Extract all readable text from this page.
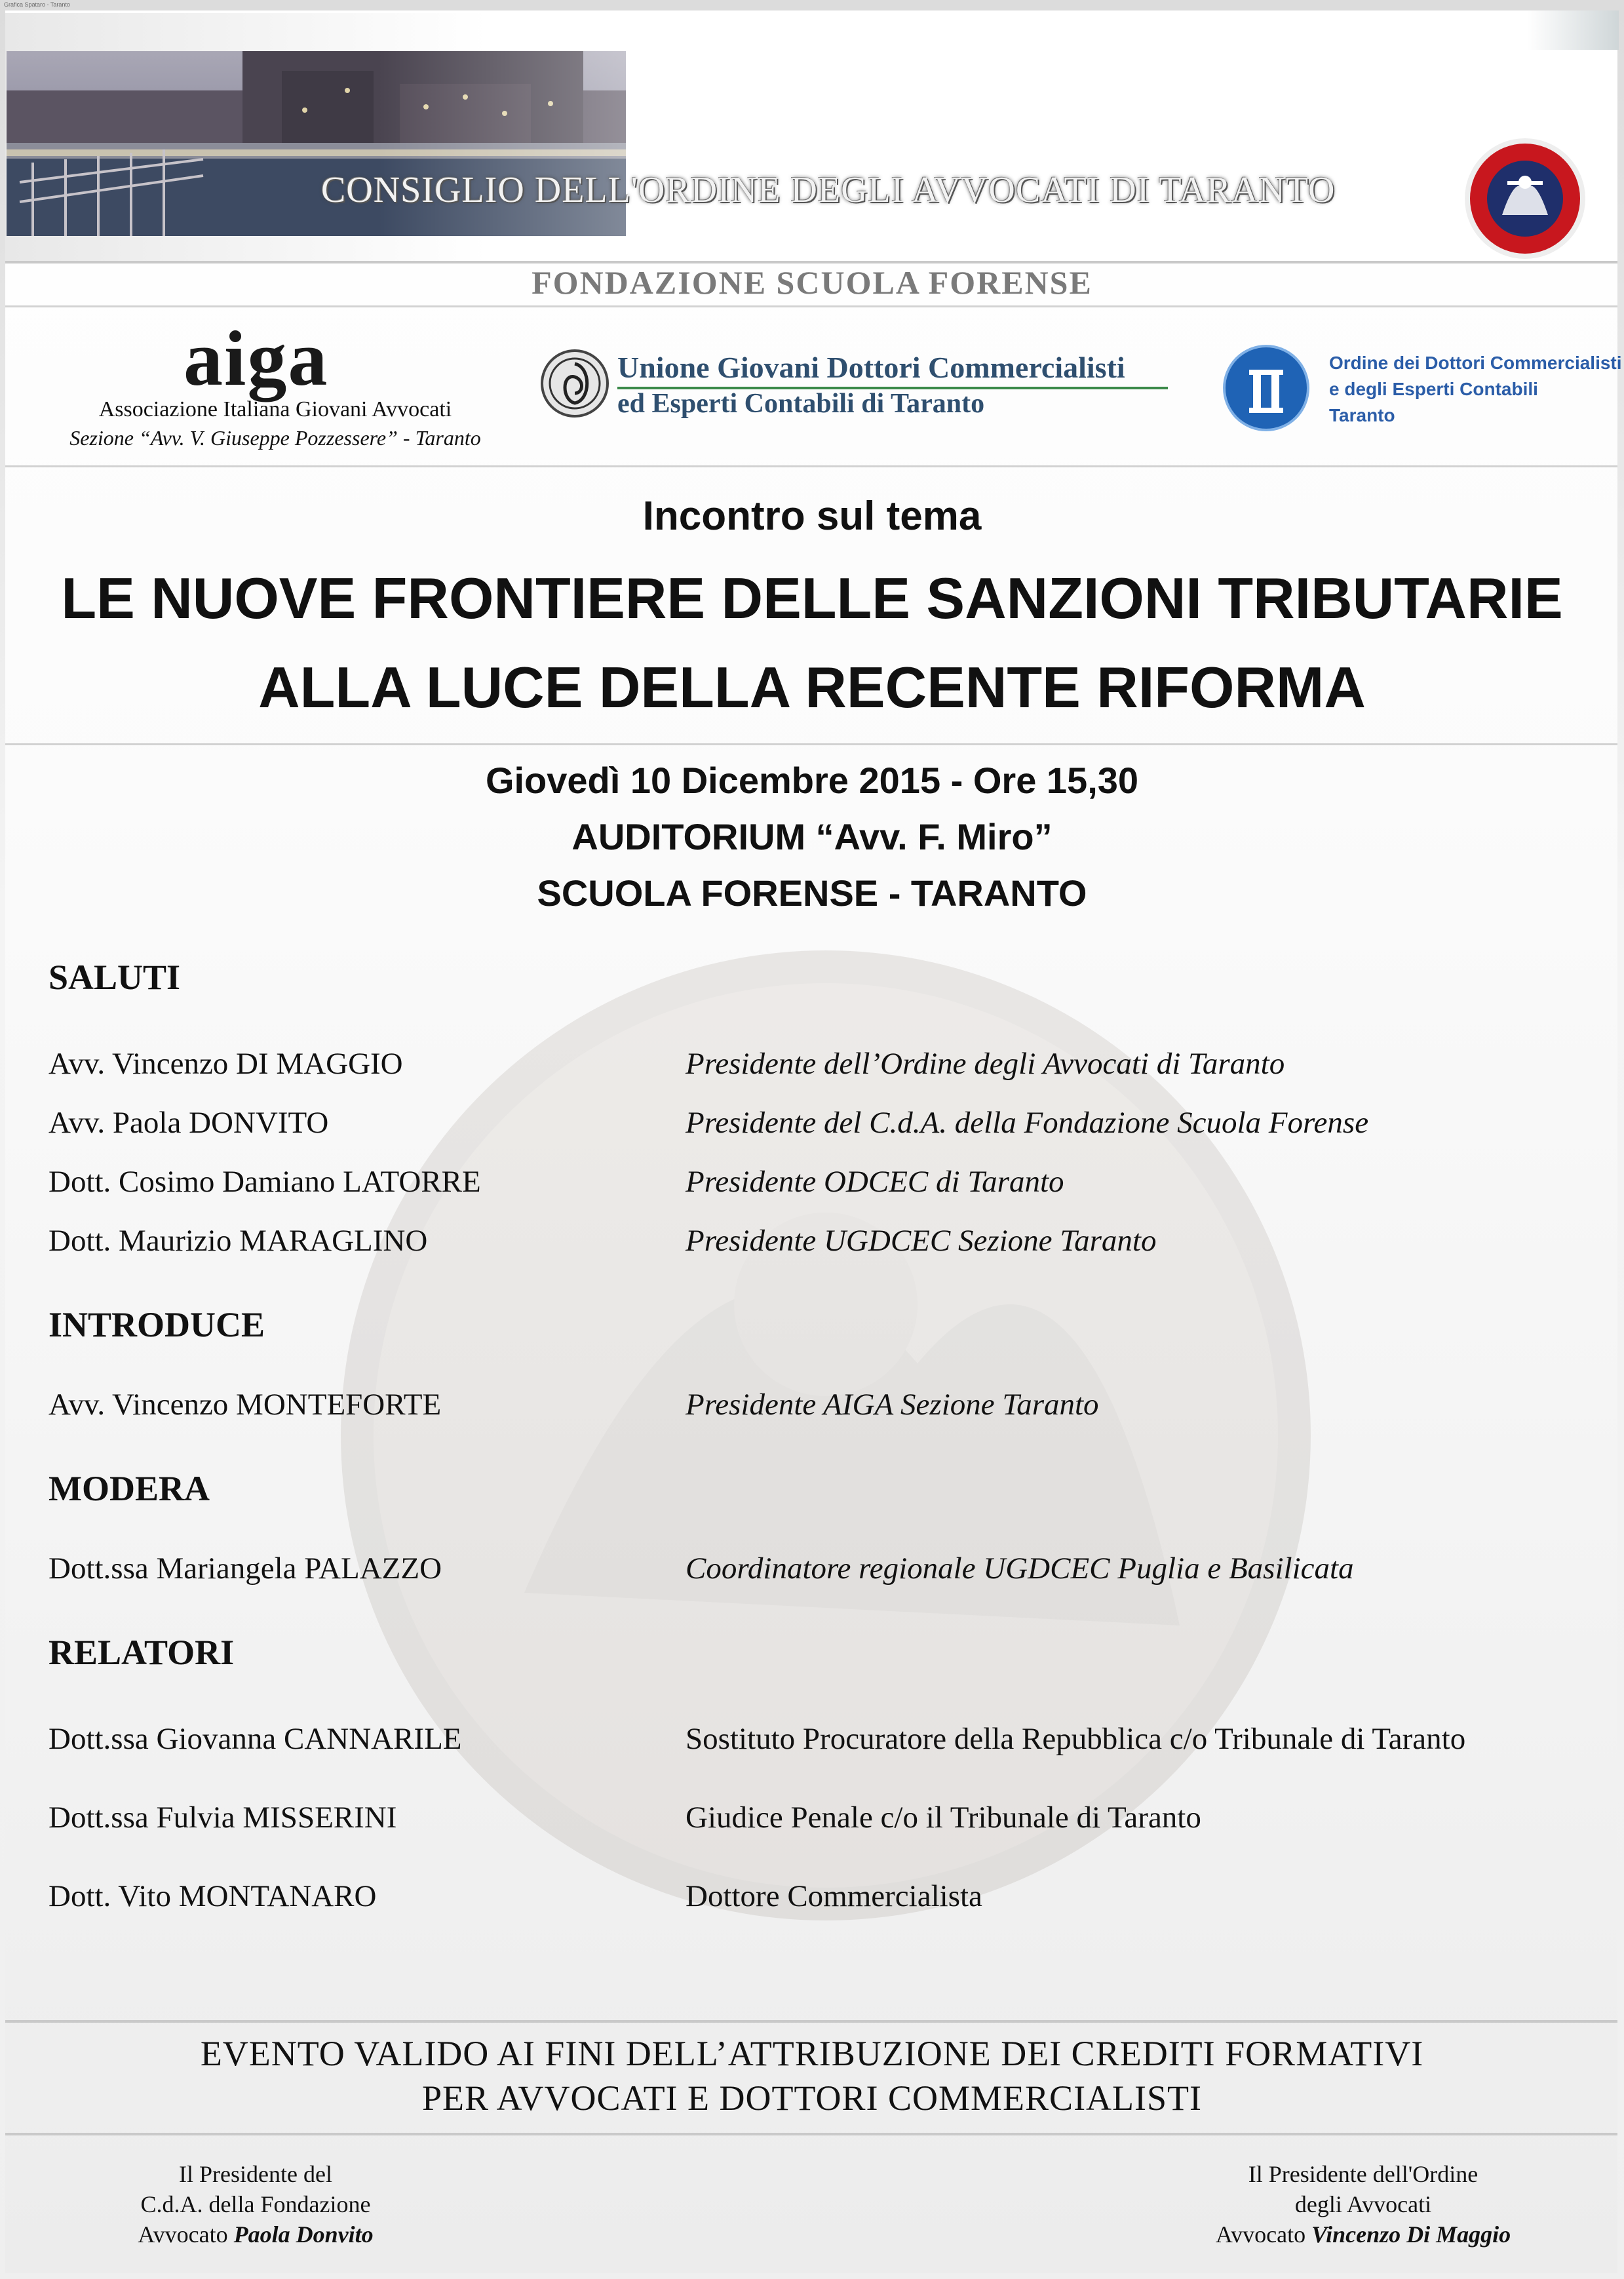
Grafica Spataro - Taranto
CONSIGLIO DELL'ORDINE DEGLI AVVOCATI DI TARANTO
FONDAZIONE SCUOLA FORENSE
aiga
Associazione Italiana Giovani Avvocati
Sezione “Avv. V. Giuseppe Pozzessere” - Taranto
Unione Giovani Dottori Commercialisti
ed Esperti Contabili di Taranto
Ordine dei Dottori Commercialisti
e degli Esperti Contabili
Taranto
Incontro sul tema
LE NUOVE FRONTIERE DELLE SANZIONI TRIBUTARIE
ALLA LUCE DELLA RECENTE RIFORMA
Giovedì 10 Dicembre 2015 - Ore 15,30
AUDITORIUM “Avv. F. Miro”
SCUOLA FORENSE - TARANTO
SALUTI
Avv. Vincenzo DI MAGGIO	Presidente dell’Ordine degli Avvocati di Taranto
Avv. Paola DONVITO	Presidente del C.d.A. della Fondazione Scuola Forense
Dott. Cosimo Damiano LATORRE	Presidente ODCEC di Taranto
Dott. Maurizio MARAGLINO	Presidente UGDCEC Sezione Taranto
INTRODUCE
Avv. Vincenzo MONTEFORTE	Presidente AIGA Sezione Taranto
MODERA
Dott.ssa Mariangela PALAZZO	Coordinatore regionale UGDCEC Puglia e Basilicata
RELATORI
Dott.ssa Giovanna CANNARILE	Sostituto Procuratore della Repubblica c/o Tribunale di Taranto
Dott.ssa Fulvia MISSERINI	Giudice Penale c/o il Tribunale di Taranto
Dott. Vito MONTANARO	Dottore Commercialista
EVENTO VALIDO AI FINI DELL’ATTRIBUZIONE DEI CREDITI FORMATIVI
PER AVVOCATI E DOTTORI COMMERCIALISTI
Il Presidente del
C.d.A. della Fondazione
Avvocato Paola Donvito
Il Presidente dell'Ordine
degli Avvocati
Avvocato Vincenzo Di Maggio
